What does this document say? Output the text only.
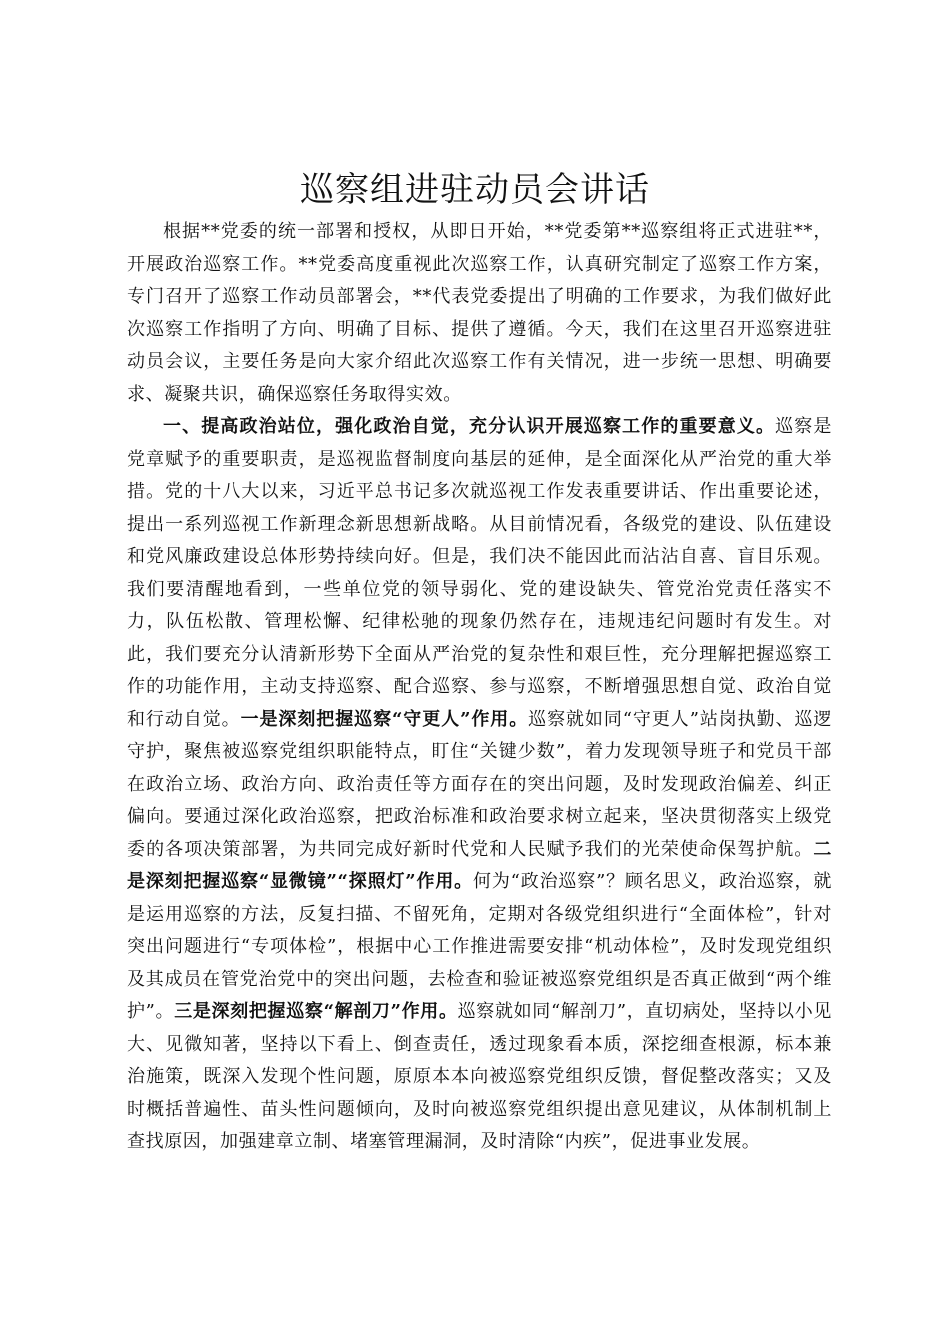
巡察组进驻动员会讲话

根据**党委的统一部署和授权，从即日开始，**党委第**巡察组将正式进驻**，开展政治巡察工作。**党委高度重视此次巡察工作，认真研究制定了巡察工作方案，专门召开了巡察工作动员部署会，**代表党委提出了明确的工作要求，为我们做好此次巡察工作指明了方向、明确了目标、提供了遵循。今天，我们在这里召开巡察进驻动员会议，主要任务是向大家介绍此次巡察工作有关情况，进一步统一思想、明确要求、凝聚共识，确保巡察任务取得实效。

一、提高政治站位，强化政治自觉，充分认识开展巡察工作的重要意义。巡察是党章赋予的重要职责，是巡视监督制度向基层的延伸，是全面深化从严治党的重大举措。党的十八大以来，习近平总书记多次就巡视工作发表重要讲话、作出重要论述，提出一系列巡视工作新理念新思想新战略。从目前情况看，各级党的建设、队伍建设和党风廉政建设总体形势持续向好。但是，我们决不能因此而沾沾自喜、盲目乐观。我们要清醒地看到，一些单位党的领导弱化、党的建设缺失、管党治党责任落实不力，队伍松散、管理松懈、纪律松驰的现象仍然存在，违规违纪问题时有发生。对此，我们要充分认清新形势下全面从严治党的复杂性和艰巨性，充分理解把握巡察工作的功能作用，主动支持巡察、配合巡察、参与巡察，不断增强思想自觉、政治自觉和行动自觉。一是深刻把握巡察“守更人”作用。巡察就如同“守更人”站岗执勤、巡逻守护，聚焦被巡察党组织职能特点，盯住“关键少数”，着力发现领导班子和党员干部在政治立场、政治方向、政治责任等方面存在的突出问题，及时发现政治偏差、纠正偏向。要通过深化政治巡察，把政治标准和政治要求树立起来，坚决贯彻落实上级党委的各项决策部署，为共同完成好新时代党和人民赋予我们的光荣使命保驾护航。二是深刻把握巡察“显微镜”“探照灯”作用。何为“政治巡察”？顾名思义，政治巡察，就是运用巡察的方法，反复扫描、不留死角，定期对各级党组织进行“全面体检”，针对突出问题进行“专项体检”，根据中心工作推进需要安排“机动体检”，及时发现党组织及其成员在管党治党中的突出问题，去检查和验证被巡察党组织是否真正做到“两个维护”。三是深刻把握巡察“解剖刀”作用。巡察就如同“解剖刀”，直切病处，坚持以小见大、见微知著，坚持以下看上、倒查责任，透过现象看本质，深挖细查根源，标本兼治施策，既深入发现个性问题，原原本本向被巡察党组织反馈，督促整改落实；又及时概括普遍性、苗头性问题倾向，及时向被巡察党组织提出意见建议，从体制机制上查找原因，加强建章立制、堵塞管理漏洞，及时清除“内疾”，促进事业发展。
